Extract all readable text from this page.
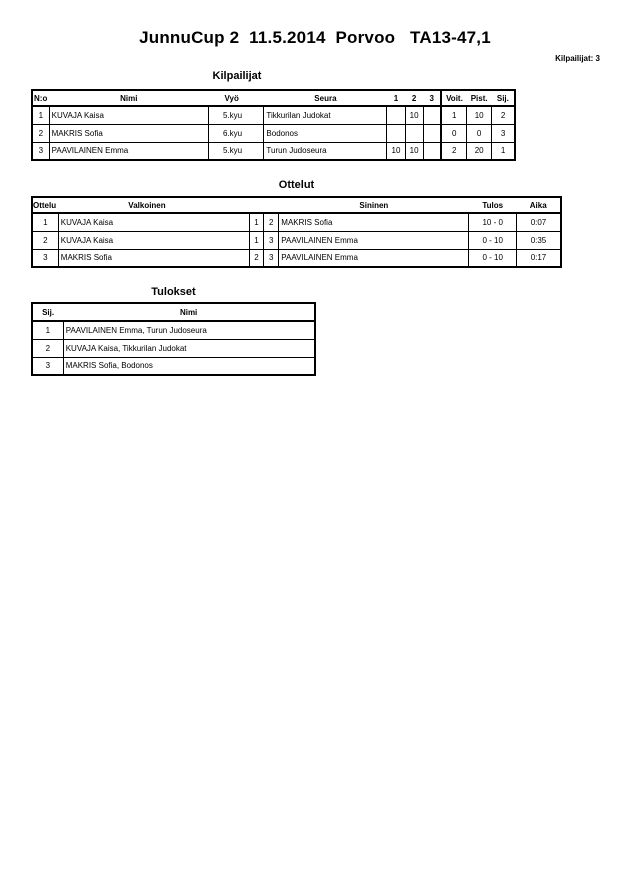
JunnuCup 2  11.5.2014  Porvoo   TA13-47,1
Kilpailijat: 3
Kilpailijat
N:o	Nimi	Vyö	Seura	1	2	3	Voit.	Pist.	Sij.
1	KUVAJA Kaisa	5.kyu	Tikkurilan Judokat		10		1	10	2
2	MAKRIS Sofia	6.kyu	Bodonos				0	0	3
3	PAAVILAINEN Emma	5.kyu	Turun Judoseura	10	10		2	20	1
Ottelut
Ottelu	Valkoinen			Sininen	Tulos	Aika
1	KUVAJA Kaisa	1	2	MAKRIS Sofia	10 - 0	0:07
2	KUVAJA Kaisa	1	3	PAAVILAINEN Emma	0 - 10	0:35
3	MAKRIS Sofia	2	3	PAAVILAINEN Emma	0 - 10	0:17
Tulokset
Sij.	Nimi
1	PAAVILAINEN Emma, Turun Judoseura
2	KUVAJA Kaisa, Tikkurilan Judokat
3	MAKRIS Sofia, Bodonos
